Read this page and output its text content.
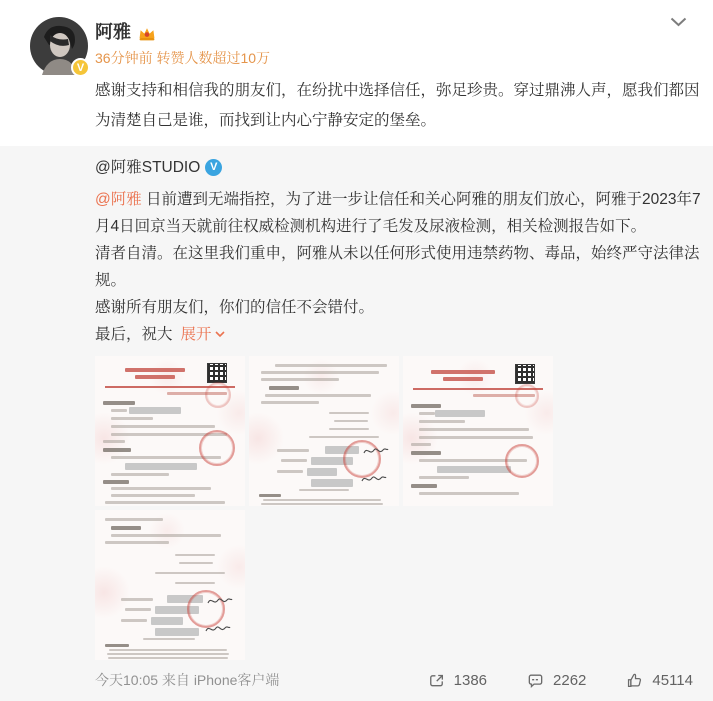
V
阿雅
36分钟前 转赞人数超过10万
感谢支持和相信我的朋友们，在纷扰中选择信任，弥足珍贵。穿过鼎沸人声，愿我们都因为清楚自己是谁，而找到让内心宁静安定的堡垒。
@阿雅STUDIO V

@阿雅 日前遭到无端指控，为了进一步让信任和关心阿雅的朋友们放心，阿雅于2023年7月4日回京当天就前往权威检测机构进行了毛发及尿液检测，相关检测报告如下。

清者自清。在这里我们重申，阿雅从未以任何形式使用违禁药物、毒品，始终严守法律法规。

感谢所有朋友们，你们的信任不会错付。

最后，祝大 展开

今天10:05 来自 iPhone客户端	1386	2262	45114
